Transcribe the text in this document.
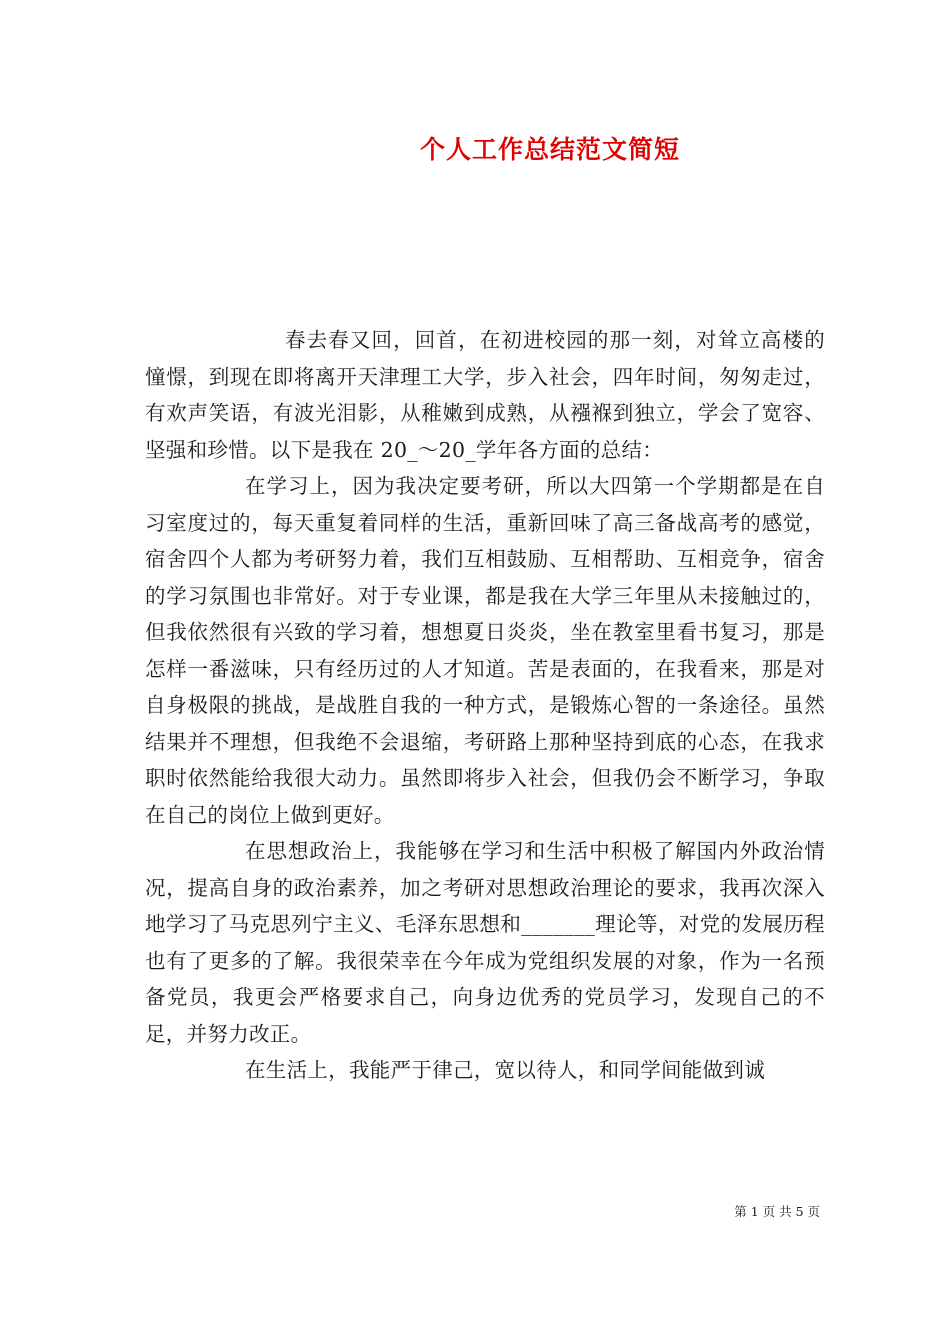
个人工作总结范文简短

春去春又回，回首，在初进校园的那一刻，对耸立高楼的憧憬，到现在即将离开天津理工大学，步入社会，四年时间，匆匆走过，有欢声笑语，有波光泪影，从稚嫩到成熟，从襁褓到独立，学会了宽容、坚强和珍惜。以下是我在 20_～20_学年各方面的总结：

在学习上，因为我决定要考研，所以大四第一个学期都是在自习室度过的，每天重复着同样的生活，重新回味了高三备战高考的感觉，宿舍四个人都为考研努力着，我们互相鼓励、互相帮助、互相竞争，宿舍的学习氛围也非常好。对于专业课，都是我在大学三年里从未接触过的，但我依然很有兴致的学习着，想想夏日炎炎，坐在教室里看书复习，那是怎样一番滋味，只有经历过的人才知道。苦是表面的，在我看来，那是对自身极限的挑战，是战胜自我的一种方式，是锻炼心智的一条途径。虽然结果并不理想，但我绝不会退缩，考研路上那种坚持到底的心态，在我求职时依然能给我很大动力。虽然即将步入社会，但我仍会不断学习，争取在自己的岗位上做到更好。

在思想政治上，我能够在学习和生活中积极了解国内外政治情况，提高自身的政治素养，加之考研对思想政治理论的要求，我再次深入地学习了马克思列宁主义、毛泽东思想和_______理论等，对党的发展历程也有了更多的了解。我很荣幸在今年成为党组织发展的对象，作为一名预备党员，我更会严格要求自己，向身边优秀的党员学习，发现自己的不足，并努力改正。

在生活上，我能严于律己，宽以待人，和同学间能做到诚

第 1 页 共 5 页
